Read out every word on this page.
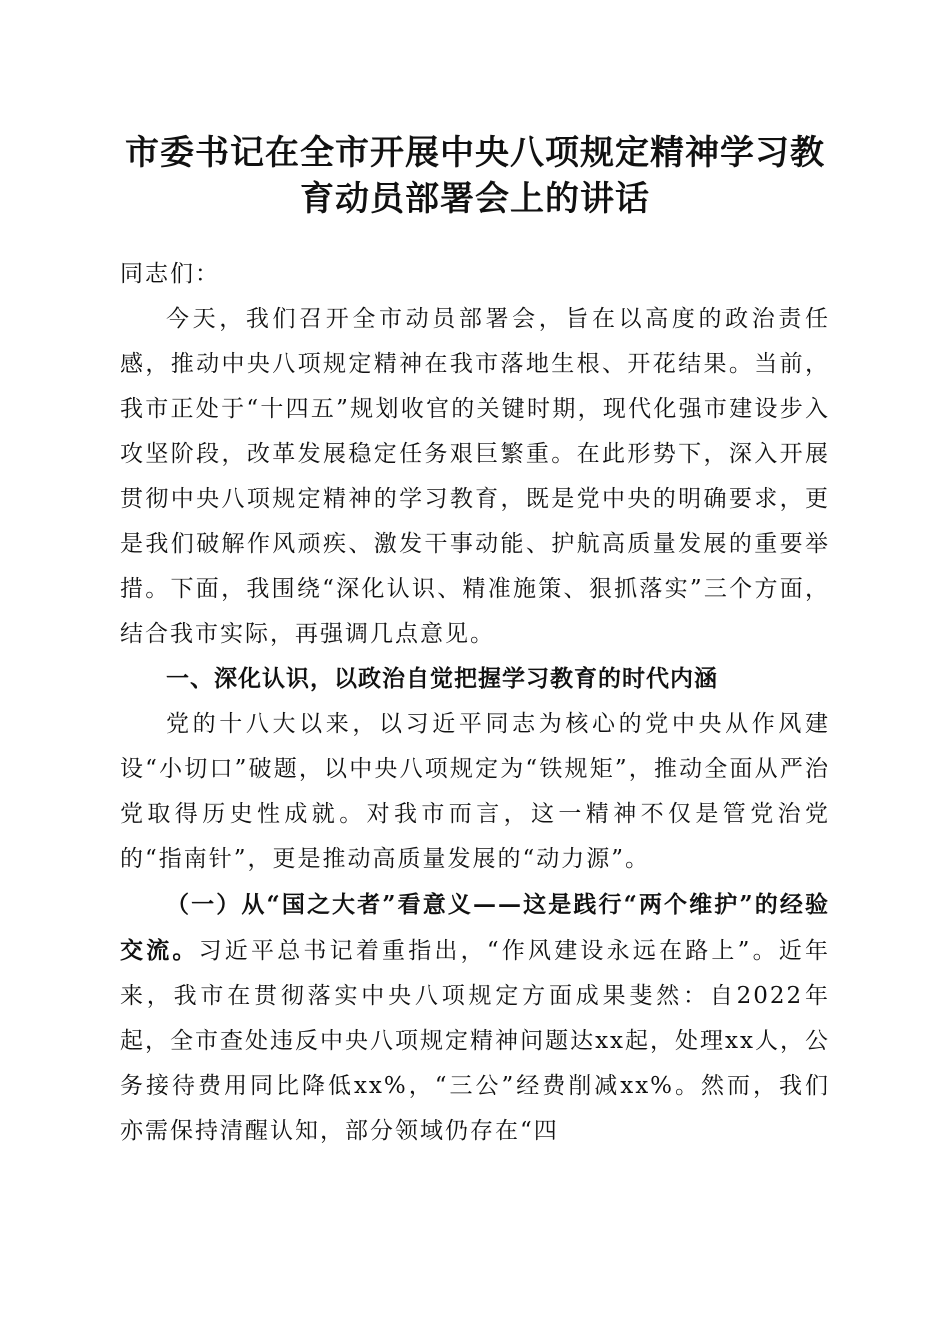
市委书记在全市开展中央八项规定精神学习教
育动员部署会上的讲话

同志们：

今天，我们召开全市动员部署会，旨在以高度的政治责任感，推动中央八项规定精神在我市落地生根、开花结果。当前，我市正处于“十四五”规划收官的关键时期，现代化强市建设步入攻坚阶段，改革发展稳定任务艰巨繁重。在此形势下，深入开展贯彻中央八项规定精神的学习教育，既是党中央的明确要求，更是我们破解作风顽疾、激发干事动能、护航高质量发展的重要举措。下面，我围绕“深化认识、精准施策、狠抓落实”三个方面，结合我市实际，再强调几点意见。

一、深化认识，以政治自觉把握学习教育的时代内涵

党的十八大以来，以习近平同志为核心的党中央从作风建设“小切口”破题，以中央八项规定为“铁规矩”，推动全面从严治党取得历史性成就。对我市而言，这一精神不仅是管党治党的“指南针”，更是推动高质量发展的“动力源”。

（一）从“国之大者”看意义——这是践行“两个维护”的经验交流。习近平总书记着重指出，“作风建设永远在路上”。近年来，我市在贯彻落实中央八项规定方面成果斐然：自2022年起，全市查处违反中央八项规定精神问题达xx起，处理xx人，公务接待费用同比降低xx%，“三公”经费削减xx%。然而，我们亦需保持清醒认知，部分领域仍存在“四
